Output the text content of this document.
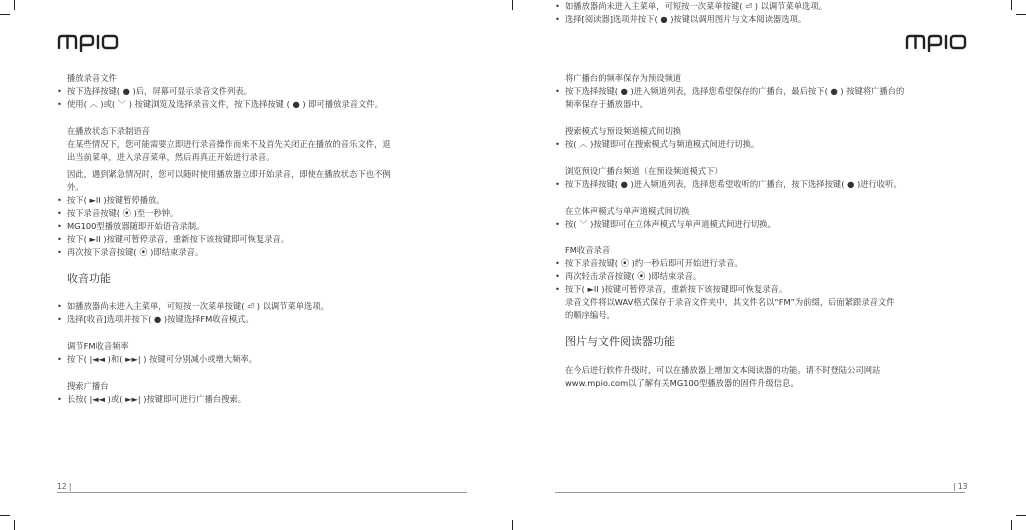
播放录音文件
• 按下选择按键( ● )后，屏幕可显示录音文件列表。
• 使用( ︿ )或( ﹀ ) 按键浏览及选择录音文件，按下选择按键 ( ● ) 即可播放录音文件。
在播放状态下录制语音
在某些情况下，您可能需要立即进行录音操作而来不及首先关闭正在播放的音乐文件，退
出当前菜单，进入录音菜单，然后再真正开始进行录音。
因此，遇到紧急情况时，您可以随时使用播放器立即开始录音，即使在播放状态下也不例
外。
• 按下( ►II )按键暂停播放。
• 按下录音按键( ⦿ )至一秒钟。
• MG100型播放器随即开始语音录制。
• 按下( ►II )按键可暂停录音，重新按下该按键即可恢复录音。
• 再次按下录音按键( ⦿ )即结束录音。
收音功能
• 如播放器尚未进入主菜单，可短按一次菜单按键( ⏎ ) 以调节菜单选项。
• 选择[收音]选项并按下( ● )按键选择FM收音模式。
调节FM收音频率
• 按下( |◄◄ )和( ►►| ) 按键可分别减小或增大频率。
搜索广播台
• 长按( |◄◄ )或( ►►| )按键即可进行广播台搜索。
将广播台的频率保存为预设频道
• 按下选择按键( ● )进入频道列表，选择您希望保存的广播台，最后按下( ● ) 按键将广播台的
频率保存于播放器中。
搜索模式与预设频道模式间切换
• 按( ︿ )按键即可在搜索模式与频道模式间进行切换。
浏览预设广播台频道（在预设频道模式下）
• 按下选择按键( ● )进入频道列表，选择您希望收听的广播台，按下选择按键( ● )进行收听。
在立体声模式与单声道模式间切换
• 按( ﹀ )按键即可在立体声模式与单声道模式间进行切换。
FM收音录音
• 按下录音按键( ⦿ )约一秒后即可开始进行录音。
• 再次轻击录音按键( ⦿ )即结束录音。
• 按下( ►II )按键可暂停录音，重新按下该按键即可恢复录音。
录音文件将以WAV格式保存于录音文件夹中，其文件名以“FM”为前缀，后面紧跟录音文件
的顺序编号。
图片与文件阅读器功能
在今后进行软件升级时，可以在播放器上增加文本阅读器的功能。请不时登陆公司网站
www.mpio.com以了解有关MG100型播放器的固件升级信息。
• 如播放器尚未进入主菜单，可短按一次菜单按键( ⏎ ) 以调节菜单选项。
• 选择[阅读器]选项并按下( ● )按键以调用图片与文本阅读器选项。
12 |	| 13
